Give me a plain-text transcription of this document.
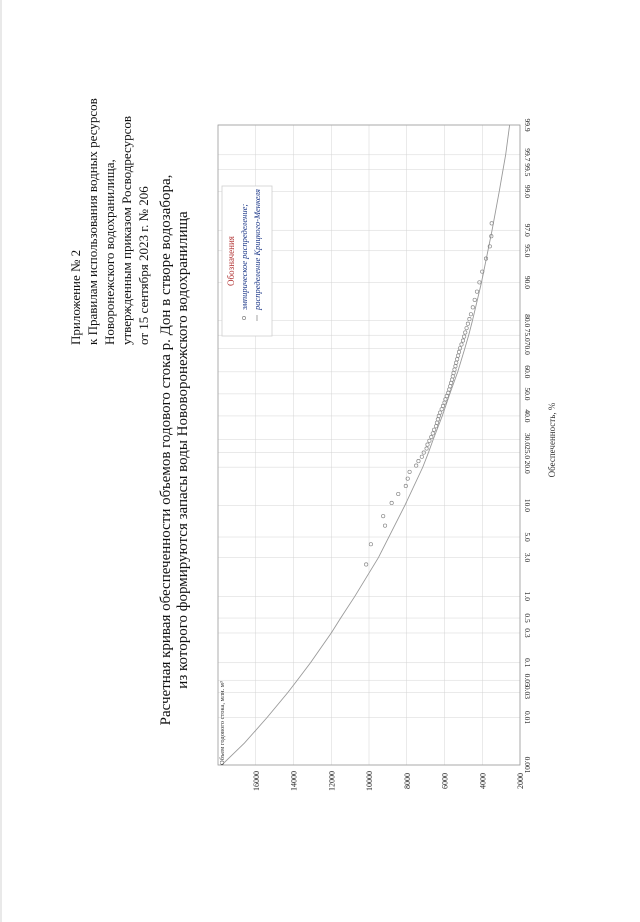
Приложение № 2 к Правилам использования водных ресурсов Новоронежского водохранилища, утвержденным приказом Росводресурсов от 15 сентября 2023 г. № 206 Расчетная кривая обеспеченности объемов годового стока р. Дон в створе водозабора, из которого формируются запасы воды Нововоронежского водохранилища
2000
4000
6000
8000
10000
12000
14000
16000
0.001
0.01
0.03
0.05
0.1
0.3
0.5
1.0
3.0
5.0
10.0
20.0
25.0
30.0
40.0
50.0
60.0
70.0
75.0
80.0
90.0
95.0
97.0
99.0
99.5
99.7
99.9
Объем годового стока, млн. м³
Обеспеченность, %
Обозначения эмпирическое распределение; распределение Крицкого-Менкеля
